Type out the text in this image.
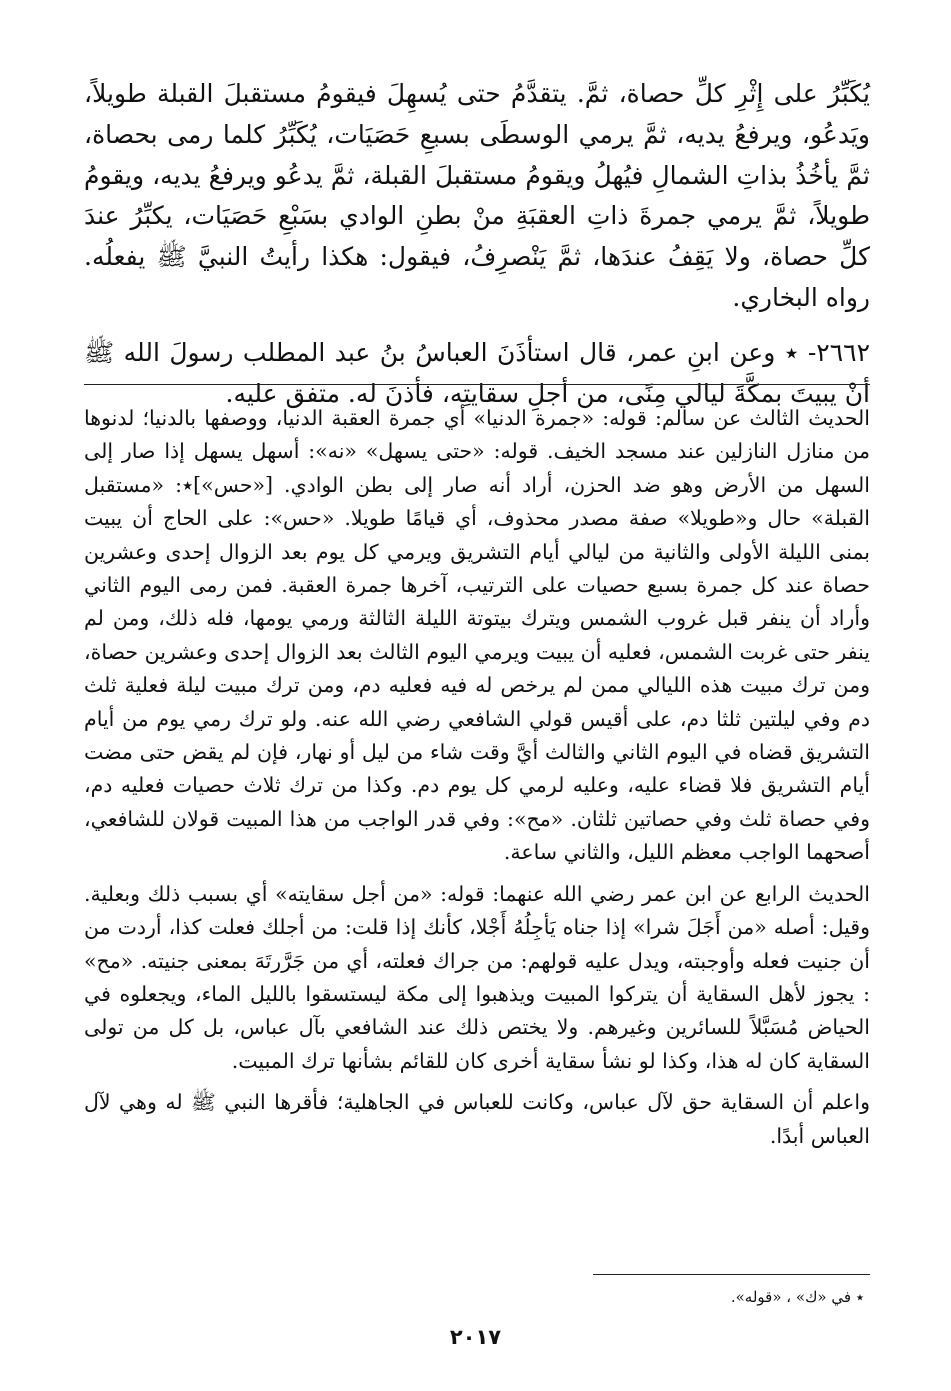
يُكَبِّرُ على إِثْرِ كلِّ حصاة، ثمَّ. يتقدَّمُ حتى يُسهِلَ فيقومُ مستقبلَ القبلة طويلاً، ويَدعُو، ويرفعُ يديه، ثمَّ يرمي الوسطَى بسبعِ حَصَيَات، يُكَبِّرُ كلما رمى بحصاة، ثمَّ يأخُذُ بذاتِ الشمالِ فيُهلُ ويقومُ مستقبلَ القبلة، ثمَّ يدعُو ويرفعُ يديه، ويقومُ طويلاً، ثمَّ يرمي جمرةَ ذاتِ العقبَةِ منْ بطنِ الوادي بسَبْعِ حَصَيَات، يكبِّرُ عندَ كلِّ حصاة، ولا يَقِفُ عندَها، ثمَّ يَنْصرِفُ، فيقول: هكذا رأيتُ النبيَّ ﷺ يفعلُه. رواه البخاري.

٢٦٦٢- ٭ وعن ابنِ عمر، قال استأذَنَ العباسُ بنُ عبد المطلب رسولَ الله ﷺ أنْ يبيتَ بمكَّةَ ليالي مِنًى، من أجلِ سقايتِه، فأذنَ له. متفق عليه.

الحديث الثالث عن سالم: قوله: «جمرة الدنيا» أي جمرة العقبة الدنيا، ووصفها بالدنيا؛ لدنوها من منازل النازلين عند مسجد الخيف. قوله: «حتى يسهل» «نه»: أسهل يسهل إذا صار إلى السهل من الأرض وهو ضد الحزن، أراد أنه صار إلى بطن الوادي. [«حس»]٭: «مستقبل القبلة» حال و«طويلا» صفة مصدر محذوف، أي قيامًا طويلا. «حس»: على الحاج أن يبيت بمنى الليلة الأولى والثانية من ليالي أيام التشريق ويرمي كل يوم بعد الزوال إحدى وعشرين حصاة عند كل جمرة بسبع حصيات على الترتيب، آخرها جمرة العقبة. فمن رمى اليوم الثاني وأراد أن ينفر قبل غروب الشمس ويترك بيتوتة الليلة الثالثة ورمي يومها، فله ذلك، ومن لم ينفر حتى غربت الشمس، فعليه أن يبيت ويرمي اليوم الثالث بعد الزوال إحدى وعشرين حصاة، ومن ترك مبيت هذه الليالي ممن لم يرخص له فيه فعليه دم، ومن ترك مبيت ليلة فعلية ثلث دم وفي ليلتين ثلثا دم، على أقيس قولي الشافعي رضي الله عنه. ولو ترك رمي يوم من أيام التشريق قضاه في اليوم الثاني والثالث أيَّ وقت شاء من ليل أو نهار، فإن لم يقض حتى مضت أيام التشريق فلا قضاء عليه، وعليه لرمي كل يوم دم. وكذا من ترك ثلاث حصيات فعليه دم، وفي حصاة ثلث وفي حصاتين ثلثان. «مح»: وفي قدر الواجب من هذا المبيت قولان للشافعي، أصحهما الواجب معظم الليل، والثاني ساعة.

الحديث الرابع عن ابن عمر رضي الله عنهما: قوله: «من أجل سقايته» أي بسبب ذلك وبعلية. وقيل: أصله «من أَجَلَ شرا» إذا جناه يَأجِلُهُ أَجْلا، كأنك إذا قلت: من أجلك فعلت كذا، أردت من أن جنيت فعله وأوجبته، ويدل عليه قولهم: من جراك فعلته، أي من جَرَّرتَهَ بمعنى جنيته. «مح» : يجوز لأهل السقاية أن يتركوا المبيت ويذهبوا إلى مكة ليستسقوا بالليل الماء، ويجعلوه في الحياض مُسَبَّلاً للسائرين وغيرهم. ولا يختص ذلك عند الشافعي بآل عباس، بل كل من تولى السقاية كان له هذا، وكذا لو نشأ سقاية أخرى كان للقائم بشأنها ترك المبيت.

واعلم أن السقاية حق لآل عباس، وكانت للعباس في الجاهلية؛ فأقرها النبي ﷺ له وهي لآل العباس أبدًا.

٭ في «ك» ، «قوله».
٢٠١٧
